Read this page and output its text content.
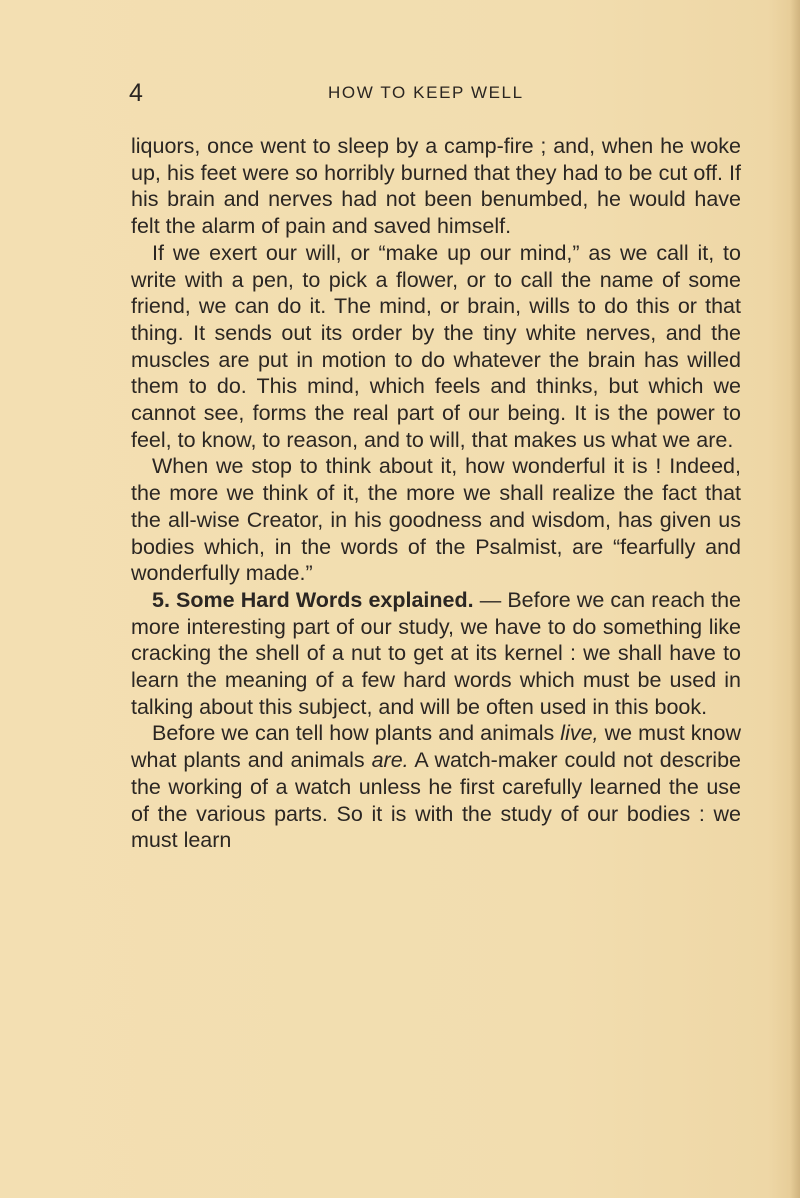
4	HOW TO KEEP WELL

liquors, once went to sleep by a camp-fire ; and, when he woke up, his feet were so horribly burned that they had to be cut off. If his brain and nerves had not been benumbed, he would have felt the alarm of pain and saved himself.

If we exert our will, or “make up our mind,” as we call it, to write with a pen, to pick a flower, or to call the name of some friend, we can do it. The mind, or brain, wills to do this or that thing. It sends out its order by the tiny white nerves, and the muscles are put in motion to do whatever the brain has willed them to do. This mind, which feels and thinks, but which we cannot see, forms the real part of our being. It is the power to feel, to know, to reason, and to will, that makes us what we are.

When we stop to think about it, how wonderful it is ! Indeed, the more we think of it, the more we shall realize the fact that the all-wise Creator, in his goodness and wisdom, has given us bodies which, in the words of the Psalmist, are “fearfully and wonderfully made.”

5. Some Hard Words explained. — Before we can reach the more interesting part of our study, we have to do something like cracking the shell of a nut to get at its kernel : we shall have to learn the meaning of a few hard words which must be used in talking about this subject, and will be often used in this book.

Before we can tell how plants and animals live, we must know what plants and animals are. A watch-maker could not describe the working of a watch unless he first carefully learned the use of the various parts. So it is with the study of our bodies : we must learn
